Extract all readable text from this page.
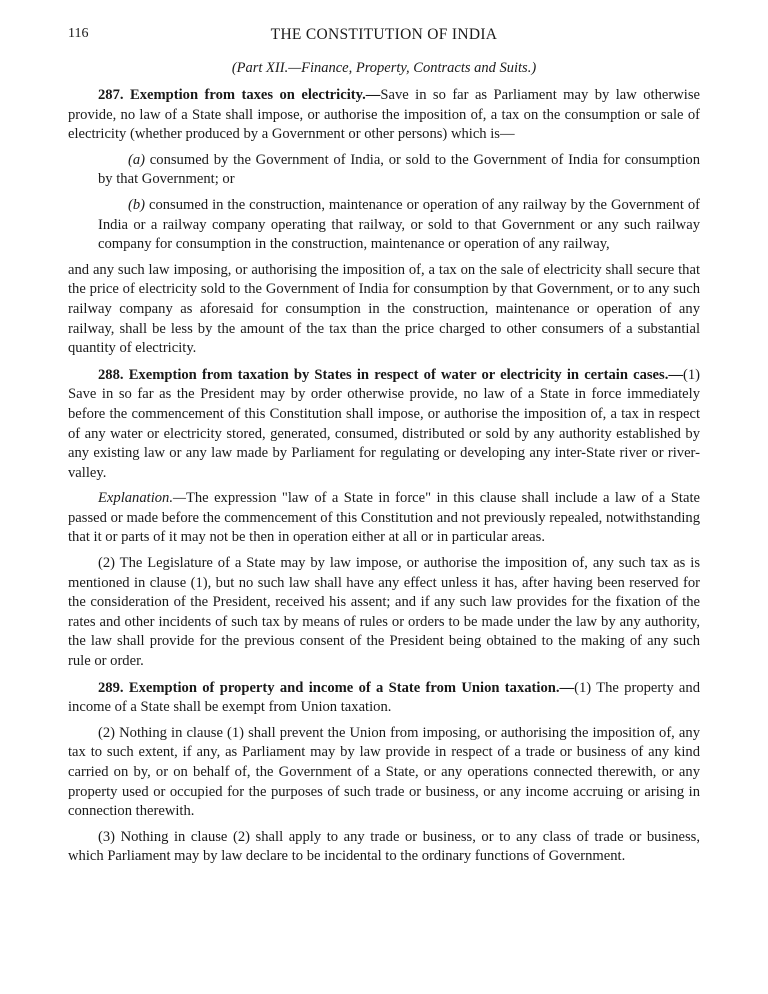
116	THE CONSTITUTION OF INDIA
(Part XII.—Finance, Property, Contracts and Suits.)

287. Exemption from taxes on electricity.—Save in so far as Parliament may by law otherwise provide, no law of a State shall impose, or authorise the imposition of, a tax on the consumption or sale of electricity (whether produced by a Government or other persons) which is—

(a) consumed by the Government of India, or sold to the Government of India for consumption by that Government; or

(b) consumed in the construction, maintenance or operation of any railway by the Government of India or a railway company operating that railway, or sold to that Government or any such railway company for consumption in the construction, maintenance or operation of any railway,

and any such law imposing, or authorising the imposition of, a tax on the sale of electricity shall secure that the price of electricity sold to the Government of India for consumption by that Government, or to any such railway company as aforesaid for consumption in the construction, maintenance or operation of any railway, shall be less by the amount of the tax than the price charged to other consumers of a substantial quantity of electricity.

288. Exemption from taxation by States in respect of water or electricity in certain cases.—(1) Save in so far as the President may by order otherwise provide, no law of a State in force immediately before the commencement of this Constitution shall impose, or authorise the imposition of, a tax in respect of any water or electricity stored, generated, consumed, distributed or sold by any authority established by any existing law or any law made by Parliament for regulating or developing any inter-State river or river-valley.

Explanation.—The expression "law of a State in force" in this clause shall include a law of a State passed or made before the commencement of this Constitution and not previously repealed, notwithstanding that it or parts of it may not be then in operation either at all or in particular areas.

(2) The Legislature of a State may by law impose, or authorise the imposition of, any such tax as is mentioned in clause (1), but no such law shall have any effect unless it has, after having been reserved for the consideration of the President, received his assent; and if any such law provides for the fixation of the rates and other incidents of such tax by means of rules or orders to be made under the law by any authority, the law shall provide for the previous consent of the President being obtained to the making of any such rule or order.

289. Exemption of property and income of a State from Union taxation.—(1) The property and income of a State shall be exempt from Union taxation.

(2) Nothing in clause (1) shall prevent the Union from imposing, or authorising the imposition of, any tax to such extent, if any, as Parliament may by law provide in respect of a trade or business of any kind carried on by, or on behalf of, the Government of a State, or any operations connected therewith, or any property used or occupied for the purposes of such trade or business, or any income accruing or arising in connection therewith.

(3) Nothing in clause (2) shall apply to any trade or business, or to any class of trade or business, which Parliament may by law declare to be incidental to the ordinary functions of Government.
